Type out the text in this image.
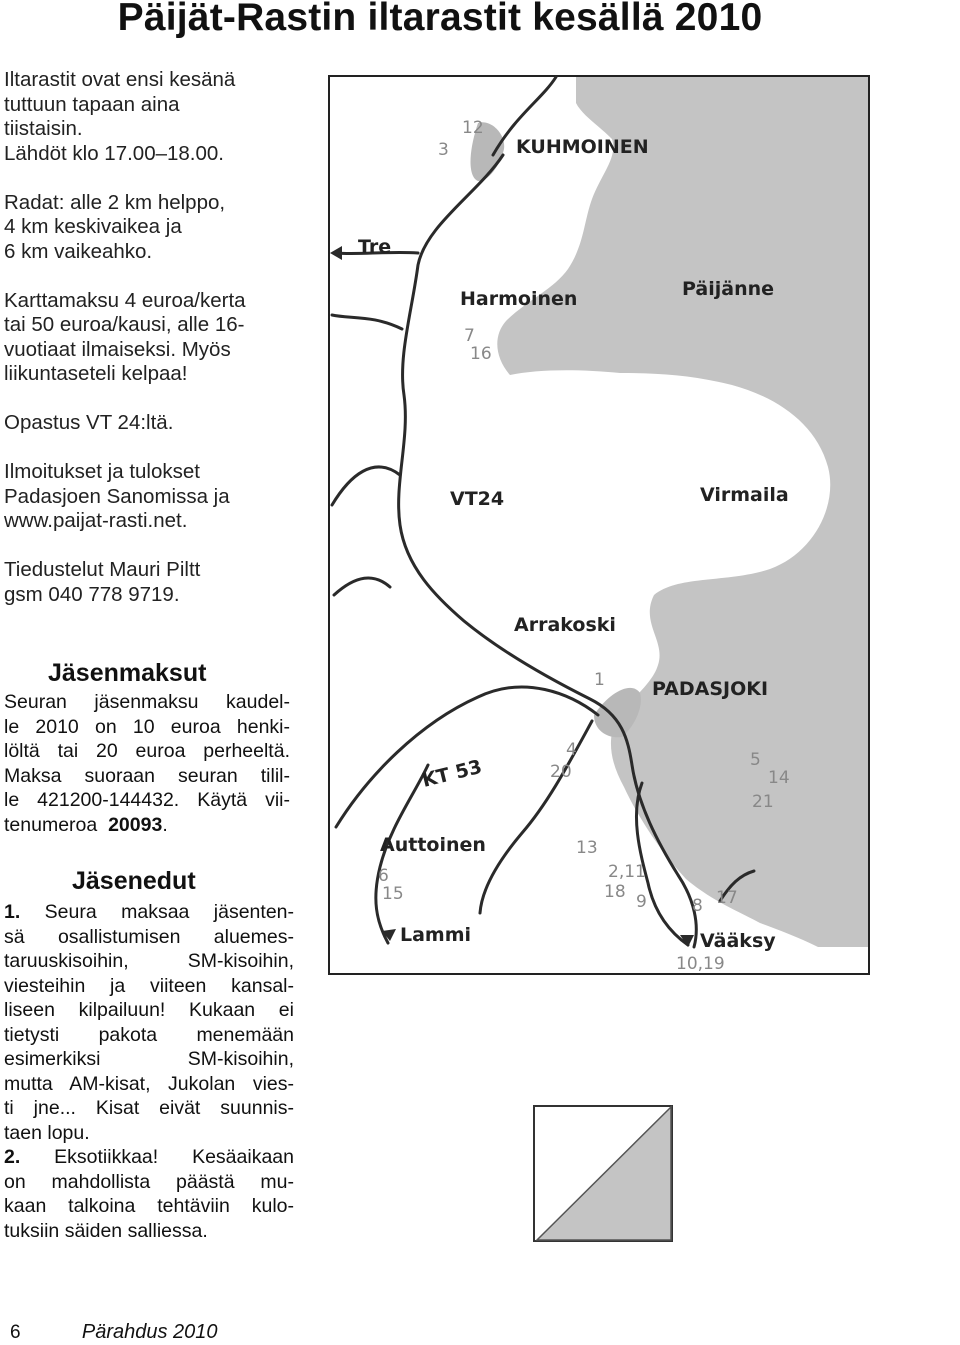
Päijät-Rastin iltarastit kesällä 2010
Iltarastit ovat ensi kesänä
tuttuun tapaan aina
tiistaisin.
Lähdöt klo 17.00–18.00.
Radat: alle 2 km helppo,
4 km keskivaikea ja
6 km vaikeahko.
Karttamaksu 4 euroa/kerta
tai 50 euroa/kausi, alle 16-
vuotiaat ilmaiseksi. Myös
liikuntaseteli kelpaa!
Opastus VT 24:ltä.
Ilmoitukset ja tulokset
Padasjoen Sanomissa ja
www.paijat-rasti.net.
Tiedustelut Mauri Piltt
gsm 040 778 9719.
Jäsenmaksut
Seuran jäsenmaksu kaudel-
le 2010 on 10 euroa henki-
löltä tai 20 euroa perheeltä.
Maksa suoraan seuran tilil-
le 421200-144432. Käytä vii-
tenumeroa 20093.
Jäsenedut
1. Seura maksaa jäsenten-
sä osallistumisen aluemes-
taruuskisoihin, SM-kisoihin,
viesteihin ja viiteen kansal-
liseen kilpailuun! Kukaan ei
tietysti pakota menemään
esimerkiksi SM-kisoihin,
mutta AM-kisat, Jukolan vies-
ti jne... Kisat eivät suunnis-
taen lopu.
2. Eksotiikkaa! Kesäaikaan
on mahdollista päästä mu-
kaan talkoina tehtäviin kulo-
tuksiin säiden salliessa.
KUHMOINEN
Tre
Harmoinen	Päijänne
VT24	Virmaila
Arrakoski
PADASJOKI
KT 53
Auttoinen
Lammi	Vääksy
12
3
7
16
1
4
20
5
14
21
13
6
15
2,11
18 9	8 17
10,19
6	Pärahdus 2010
